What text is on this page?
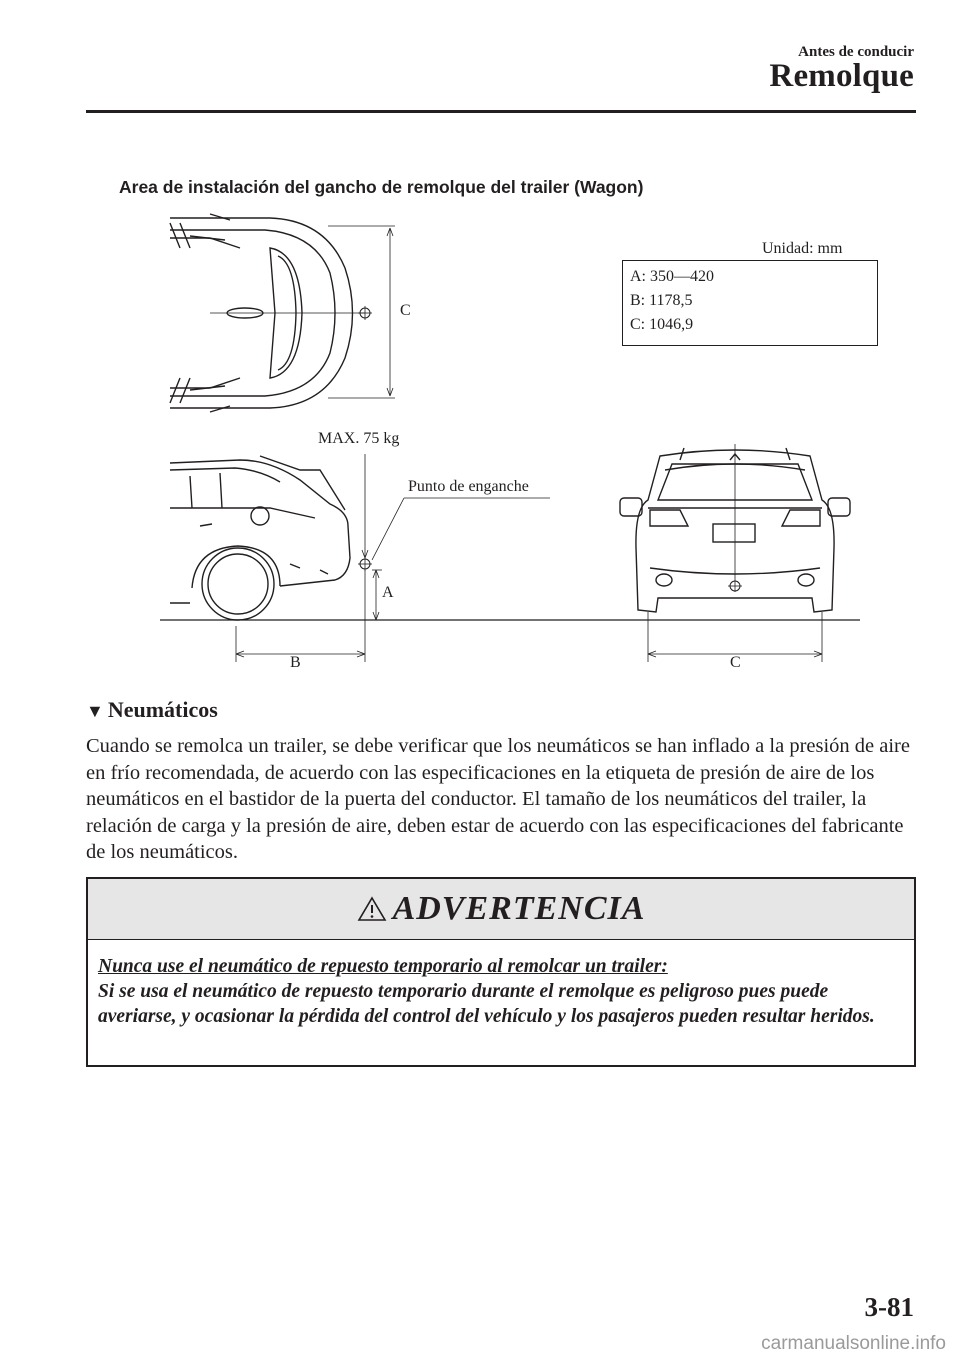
Antes de conducir
Remolque
Area de instalación del gancho de remolque del trailer (Wagon)
Unidad: mm
A: 350—420
B: 1178,5
C: 1046,9
C
MAX. 75 kg
Punto de enganche
A
B	C
▼ Neumáticos
Cuando se remolca un trailer, se debe verificar que los neumáticos se han inflado a la presión de aire en frío recomendada, de acuerdo con las especificaciones en la etiqueta de presión de aire de los neumáticos en el bastidor de la puerta del conductor. El tamaño de los neumáticos del trailer, la relación de carga y la presión de aire, deben estar de acuerdo con las especificaciones del fabricante de los neumáticos.
ADVERTENCIA
Nunca use el neumático de repuesto temporario al remolcar un trailer:
Si se usa el neumático de repuesto temporario durante el remolque es peligroso pues puede averiarse, y ocasionar la pérdida del control del vehículo y los pasajeros pueden resultar heridos.
3-81
carmanualsonline.info
